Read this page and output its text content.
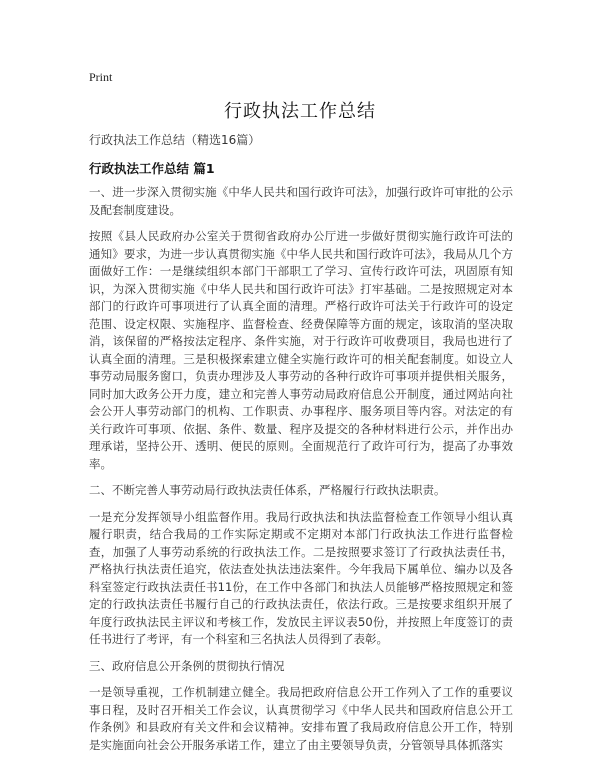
Print
行政执法工作总结
行政执法工作总结（精选16篇）
行政执法工作总结 篇1

一、进一步深入贯彻实施《中华人民共和国行政许可法》，加强行政许可审批的公示及配套制度建设。

按照《县人民政府办公室关于贯彻省政府办公厅进一步做好贯彻实施行政许可法的通知》要求，为进一步认真贯彻实施《中华人民共和国行政许可法》，我局从几个方面做好工作：一是继续组织本部门干部职工了学习、宣传行政许可法，巩固原有知识，为深入贯彻实施《中华人民共和国行政许可法》打牢基础。二是按照规定对本部门的行政许可事项进行了认真全面的清理。严格行政许可法关于行政许可的设定范围、设定权限、实施程序、监督检查、经费保障等方面的规定，该取消的坚决取消，该保留的严格按法定程序、条件实施，对于行政许可收费项目，我局也进行了认真全面的清理。三是积极探索建立健全实施行政许可的相关配套制度。如设立人事劳动局服务窗口，负责办理涉及人事劳动的各种行政许可事项并提供相关服务，同时加大政务公开力度，建立和完善人事劳动局政府信息公开制度，通过网站向社会公开人事劳动部门的机构、工作职责、办事程序、服务项目等内容。对法定的有关行政许可事项、依据、条件、数量、程序及提交的各种材料进行公示，并作出办理承诺，坚持公开、透明、便民的原则。全面规范行了政许可行为，提高了办事效率。

二、不断完善人事劳动局行政执法责任体系，严格履行行政执法职责。

一是充分发挥领导小组监督作用。我局行政执法和执法监督检查工作领导小组认真履行职责，结合我局的工作实际定期或不定期对本部门行政执法工作进行监督检查，加强了人事劳动系统的行政执法工作。二是按照要求签订了行政执法责任书，严格执行执法责任追究，依法查处执法违法案件。今年我局下属单位、编办以及各科室签定行政执法责任书11份，在工作中各部门和执法人员能够严格按照规定和签定的行政执法责任书履行自己的行政执法责任，依法行政。三是按要求组织开展了年度行政执法民主评议和考核工作，发放民主评议表50份，并按照上年度签订的责任书进行了考评，有一个科室和三名执法人员得到了表彰。

三、政府信息公开条例的贯彻执行情况

一是领导重视，工作机制建立健全。我局把政府信息公开工作列入了工作的重要议事日程，及时召开相关工作会议，认真贯彻学习《中华人民共和国政府信息公开工作条例》和县政府有关文件和会议精神。安排布置了我局政府信息公开工作，特别是实施面向社会公开服务承诺工作，建立了由主要领导负责，分管领导具体抓落实
